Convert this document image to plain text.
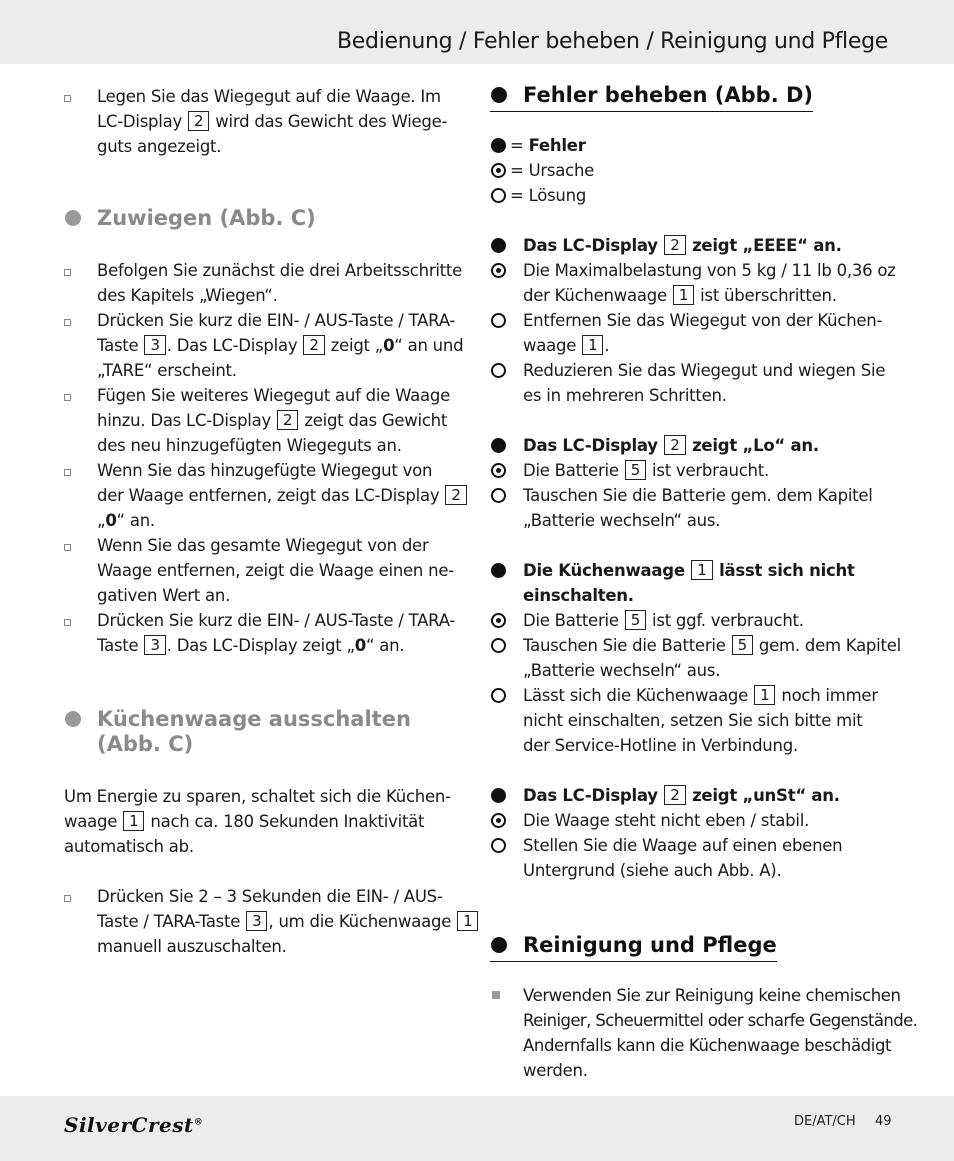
Bedienung / Fehler beheben / Reinigung und Pflege

Legen Sie das Wiegegut auf die Waage. Im

LC-Display 2 wird das Gewicht des Wiege-

guts angezeigt.

Zuwiegen (Abb. C)

Befolgen Sie zunächst die drei Arbeitsschritte

des Kapitels „Wiegen“.

Drücken Sie kurz die EIN- / AUS-Taste / TARA-

Taste 3 . Das LC-Display 2 zeigt „0“ an und

„TARE“ erscheint.

Fügen Sie weiteres Wiegegut auf die Waage

hinzu. Das LC-Display 2 zeigt das Gewicht

des neu hinzugefügten Wiegeguts an.

Wenn Sie das hinzugefügte Wiegegut von

der Waage entfernen, zeigt das LC-Display 2

„0“ an.

Wenn Sie das gesamte Wiegegut von der

Waage entfernen, zeigt die Waage einen ne-

gativen Wert an.

Drücken Sie kurz die EIN- / AUS-Taste / TARA-

Taste 3 . Das LC-Display zeigt „0“ an.

Küchenwaage ausschalten
(Abb. C)

Um Energie zu sparen, schaltet sich die Küchen-

waage 1 nach ca. 180 Sekunden Inaktivität

automatisch ab.

Drücken Sie 2 – 3 Sekunden die EIN- / AUS-

Taste / TARA-Taste 3 , um die Küchenwaage 1

manuell auszuschalten.

Fehler beheben (Abb. D)

= Fehler

= Ursache

= Lösung

Das LC-Display 2 zeigt „EEEE“ an.

Die Maximalbelastung von 5 kg / 11 lb 0,36 oz

der Küchenwaage 1 ist überschritten.

Entfernen Sie das Wiegegut von der Küchen-

waage 1 .

Reduzieren Sie das Wiegegut und wiegen Sie

es in mehreren Schritten.

Das LC-Display 2 zeigt „Lo“ an.

Die Batterie 5 ist verbraucht.

Tauschen Sie die Batterie gem. dem Kapitel

„Batterie wechseln“ aus.

Die Küchenwaage 1 lässt sich nicht

einschalten.

Die Batterie 5 ist ggf. verbraucht.

Tauschen Sie die Batterie 5 gem. dem Kapitel

„Batterie wechseln“ aus.

Lässt sich die Küchenwaage 1 noch immer

nicht einschalten, setzen Sie sich bitte mit

der Service-Hotline in Verbindung.

Das LC-Display 2 zeigt „unSt“ an.

Die Waage steht nicht eben / stabil.

Stellen Sie die Waage auf einen ebenen

Untergrund (siehe auch Abb. A).

Reinigung und Pflege

Verwenden Sie zur Reinigung keine chemischen

Reiniger, Scheuermittel oder scharfe Gegenstände.

Andernfalls kann die Küchenwaage beschädigt

werden.

SilverCrest®	DE/AT/CH 49
